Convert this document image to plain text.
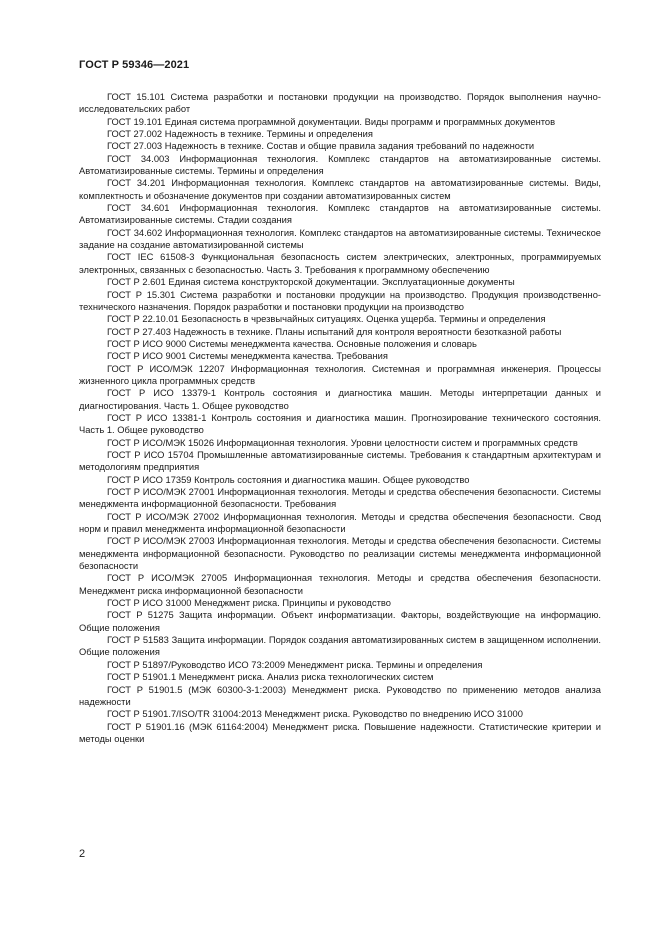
ГОСТ Р 59346—2021

ГОСТ 15.101 Система разработки и постановки продукции на производство. Порядок выполнения научно-исследовательских работ

ГОСТ 19.101 Единая система программной документации. Виды программ и программных документов

ГОСТ 27.002 Надежность в технике. Термины и определения

ГОСТ 27.003 Надежность в технике. Состав и общие правила задания требований по надежности

ГОСТ 34.003 Информационная технология. Комплекс стандартов на автоматизированные системы. Автоматизированные системы. Термины и определения

ГОСТ 34.201 Информационная технология. Комплекс стандартов на автоматизированные системы. Виды, комплектность и обозначение документов при создании автоматизированных систем

ГОСТ 34.601 Информационная технология. Комплекс стандартов на автоматизированные системы. Автоматизированные системы. Стадии создания

ГОСТ 34.602 Информационная технология. Комплекс стандартов на автоматизированные системы. Техническое задание на создание автоматизированной системы

ГОСТ IEC 61508-3 Функциональная безопасность систем электрических, электронных, программируемых электронных, связанных с безопасностью. Часть 3. Требования к программному обеспечению

ГОСТ Р 2.601 Единая система конструкторской документации. Эксплуатационные документы

ГОСТ Р 15.301 Система разработки и постановки продукции на производство. Продукция производственно-технического назначения. Порядок разработки и постановки продукции на производство

ГОСТ Р 22.10.01 Безопасность в чрезвычайных ситуациях. Оценка ущерба. Термины и определения

ГОСТ Р 27.403 Надежность в технике. Планы испытаний для контроля вероятности безотказной работы

ГОСТ Р ИСО 9000 Системы менеджмента качества. Основные положения и словарь

ГОСТ Р ИСО 9001 Системы менеджмента качества. Требования

ГОСТ Р ИСО/МЭК 12207 Информационная технология. Системная и программная инженерия. Процессы жизненного цикла программных средств

ГОСТ Р ИСО 13379-1 Контроль состояния и диагностика машин. Методы интерпретации данных и диагностирования. Часть 1. Общее руководство

ГОСТ Р ИСО 13381-1 Контроль состояния и диагностика машин. Прогнозирование технического состояния. Часть 1. Общее руководство

ГОСТ Р ИСО/МЭК 15026 Информационная технология. Уровни целостности систем и программных средств

ГОСТ Р ИСО 15704 Промышленные автоматизированные системы. Требования к стандартным архитектурам и методологиям предприятия

ГОСТ Р ИСО 17359 Контроль состояния и диагностика машин. Общее руководство

ГОСТ Р ИСО/МЭК 27001 Информационная технология. Методы и средства обеспечения безопасности. Системы менеджмента информационной безопасности. Требования

ГОСТ Р ИСО/МЭК 27002 Информационная технология. Методы и средства обеспечения безопасности. Свод норм и правил менеджмента информационной безопасности

ГОСТ Р ИСО/МЭК 27003 Информационная технология. Методы и средства обеспечения безопасности. Системы менеджмента информационной безопасности. Руководство по реализации системы менеджмента информационной безопасности

ГОСТ Р ИСО/МЭК 27005 Информационная технология. Методы и средства обеспечения безопасности. Менеджмент риска информационной безопасности

ГОСТ Р ИСО 31000 Менеджмент риска. Принципы и руководство

ГОСТ Р 51275 Защита информации. Объект информатизации. Факторы, воздействующие на информацию. Общие положения

ГОСТ Р 51583 Защита информации. Порядок создания автоматизированных систем в защищенном исполнении. Общие положения

ГОСТ Р 51897/Руководство ИСО 73:2009 Менеджмент риска. Термины и определения

ГОСТ Р 51901.1 Менеджмент риска. Анализ риска технологических систем

ГОСТ Р 51901.5 (МЭК 60300-3-1:2003) Менеджмент риска. Руководство по применению методов анализа надежности

ГОСТ Р 51901.7/ISO/TR 31004:2013 Менеджмент риска. Руководство по внедрению ИСО 31000

ГОСТ Р 51901.16 (МЭК 61164:2004) Менеджмент риска. Повышение надежности. Статистические критерии и методы оценки

2
